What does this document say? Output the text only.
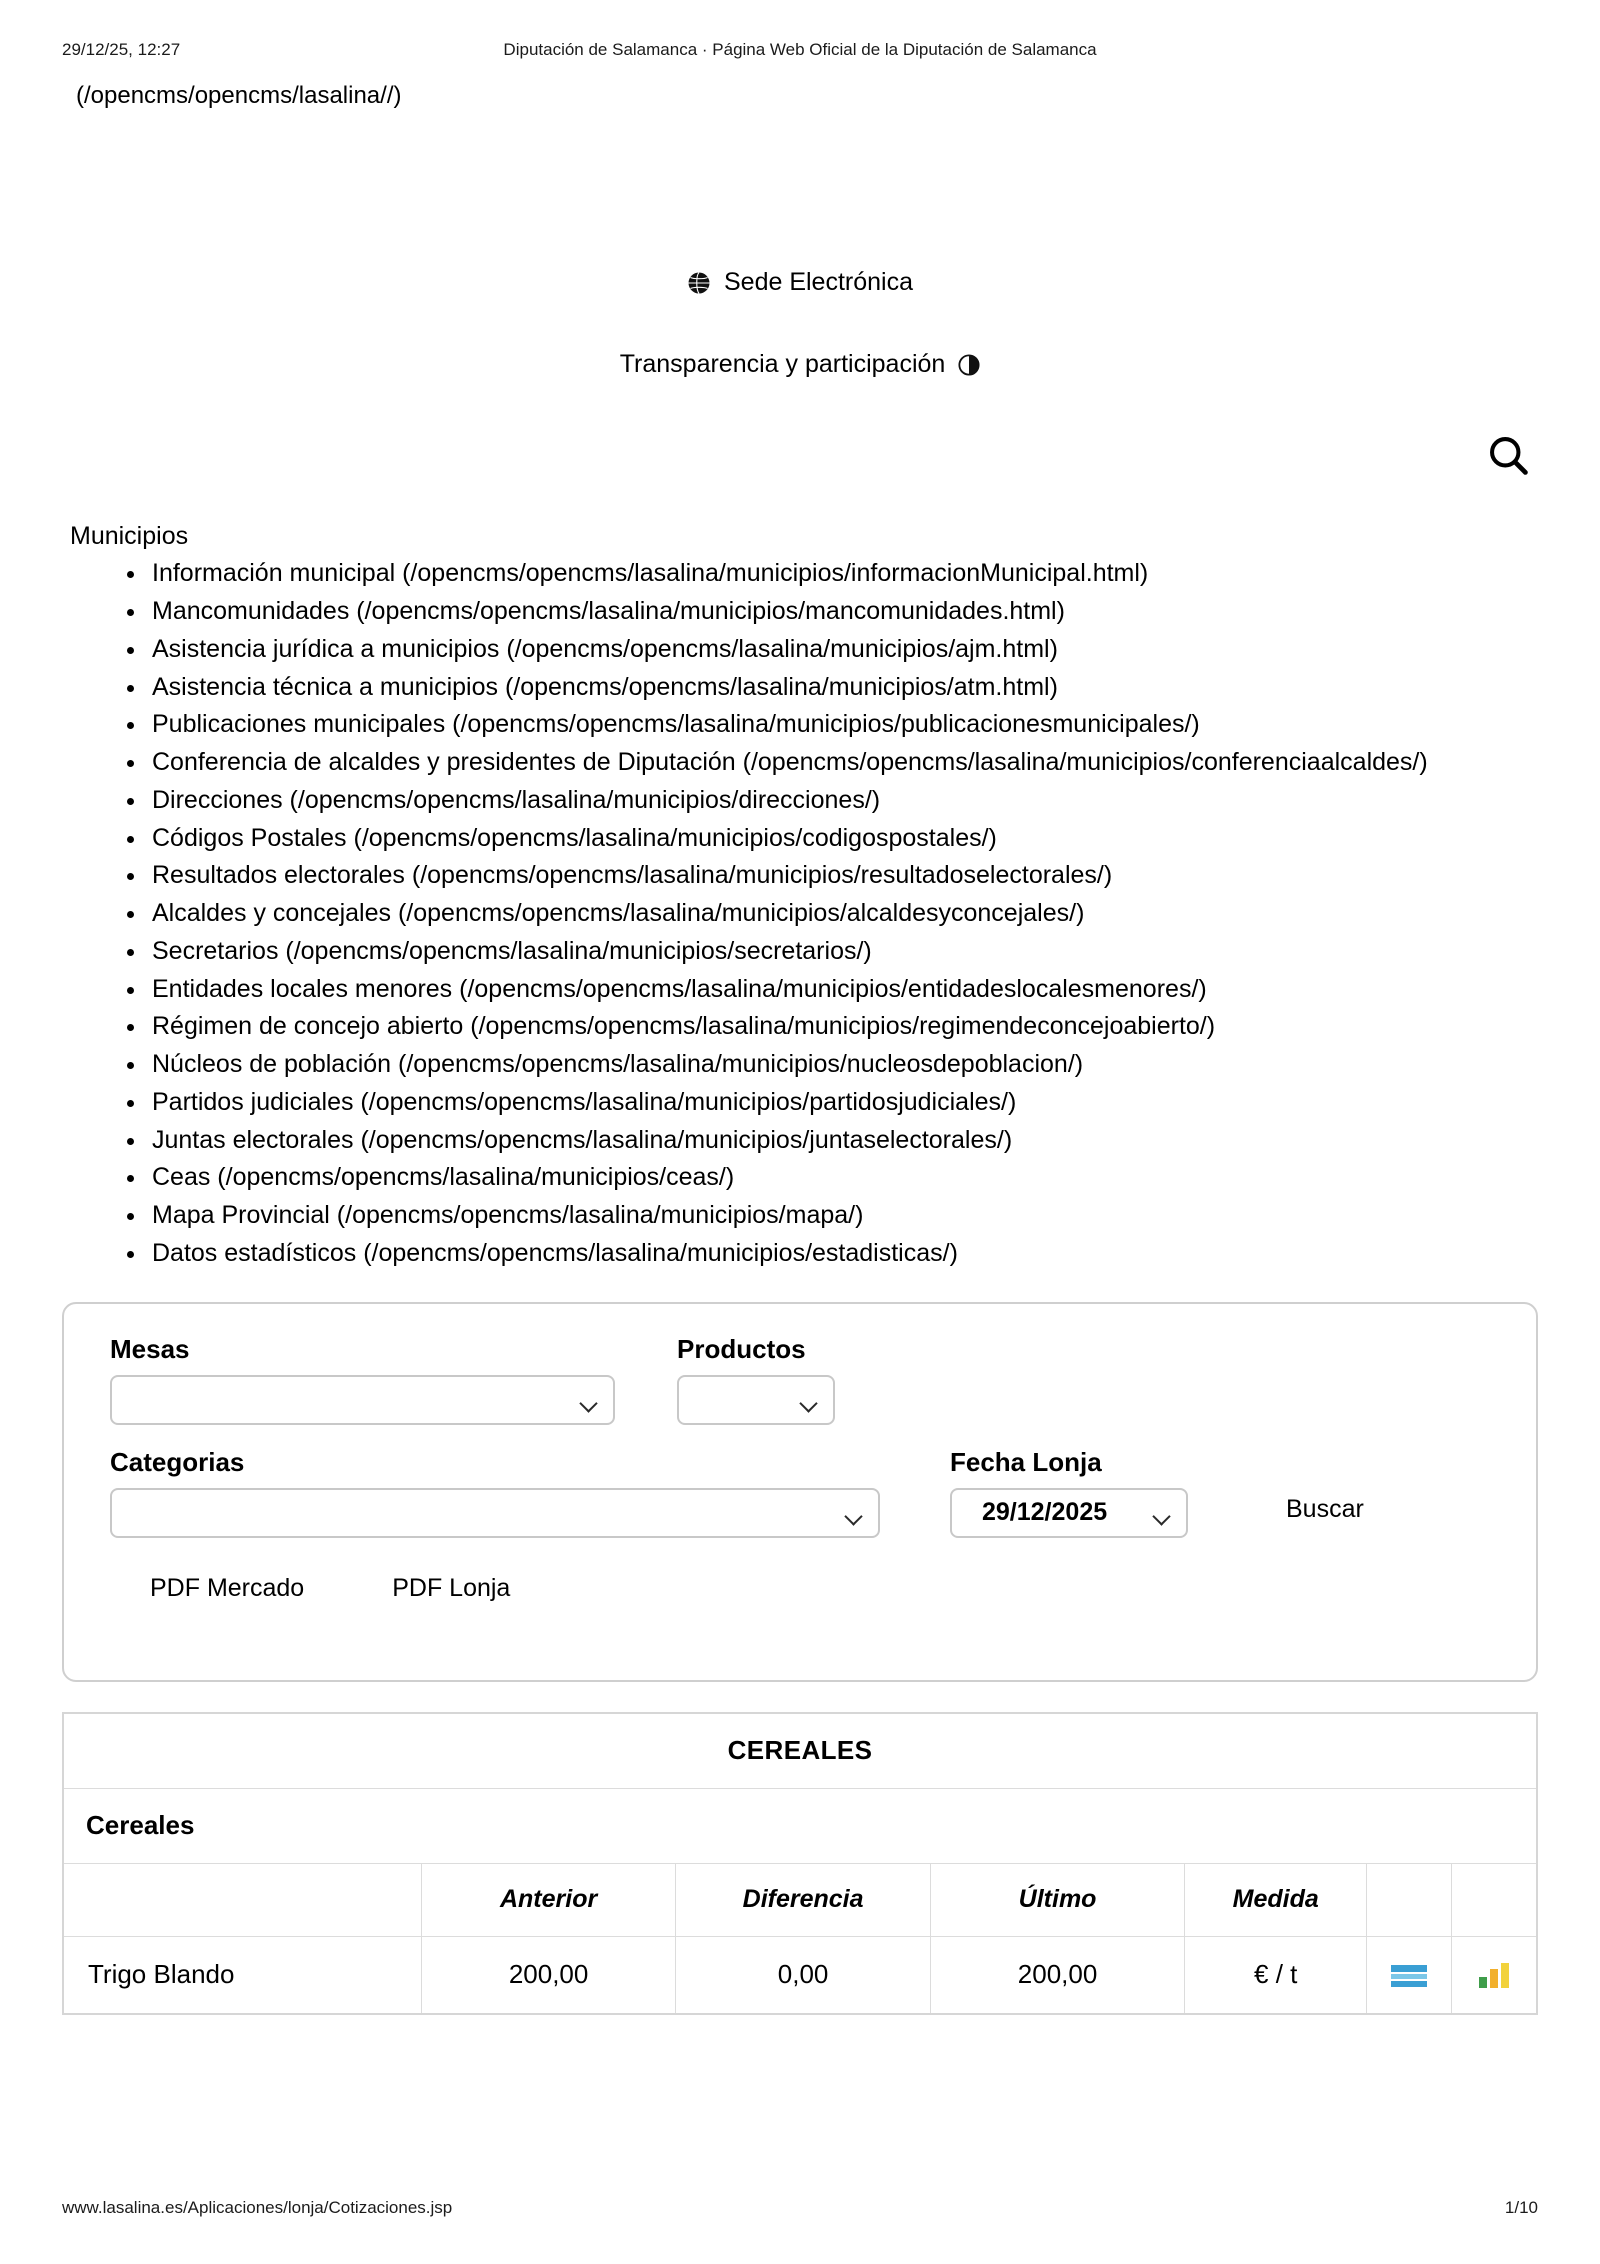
29/12/25, 12:27	Diputación de Salamanca · Página Web Oficial de la Diputación de Salamanca
(/opencms/opencms/lasalina//)
Sede Electrónica
Transparencia y participación
Municipios
• Información municipal (/opencms/opencms/lasalina/municipios/informacionMunicipal.html)
• Mancomunidades (/opencms/opencms/lasalina/municipios/mancomunidades.html)
• Asistencia jurídica a municipios (/opencms/opencms/lasalina/municipios/ajm.html)
• Asistencia técnica a municipios (/opencms/opencms/lasalina/municipios/atm.html)
• Publicaciones municipales (/opencms/opencms/lasalina/municipios/publicacionesmunicipales/)
• Conferencia de alcaldes y presidentes de Diputación (/opencms/opencms/lasalina/municipios/conferenciaalcaldes/)
• Direcciones (/opencms/opencms/lasalina/municipios/direcciones/)
• Códigos Postales (/opencms/opencms/lasalina/municipios/codigospostales/)
• Resultados electorales (/opencms/opencms/lasalina/municipios/resultadoselectorales/)
• Alcaldes y concejales (/opencms/opencms/lasalina/municipios/alcaldesyconcejales/)
• Secretarios (/opencms/opencms/lasalina/municipios/secretarios/)
• Entidades locales menores (/opencms/opencms/lasalina/municipios/entidadeslocalesmenores/)
• Régimen de concejo abierto (/opencms/opencms/lasalina/municipios/regimendeconcejoabierto/)
• Núcleos de población (/opencms/opencms/lasalina/municipios/nucleosdepoblacion/)
• Partidos judiciales (/opencms/opencms/lasalina/municipios/partidosjudiciales/)
• Juntas electorales (/opencms/opencms/lasalina/municipios/juntaselectorales/)
• Ceas (/opencms/opencms/lasalina/municipios/ceas/)
• Mapa Provincial (/opencms/opencms/lasalina/municipios/mapa/)
• Datos estadísticos (/opencms/opencms/lasalina/municipios/estadisticas/)
Mesas	Productos
Categorias	Fecha Lonja
29/12/2025	Buscar
PDF Mercado	PDF Lonja
CEREALES						
Cereales						
	Anterior	Diferencia	Último	Medida		
Trigo Blando	200,00	0,00	200,00	€ / t		
www.lasalina.es/Aplicaciones/lonja/Cotizaciones.jsp	1/10
